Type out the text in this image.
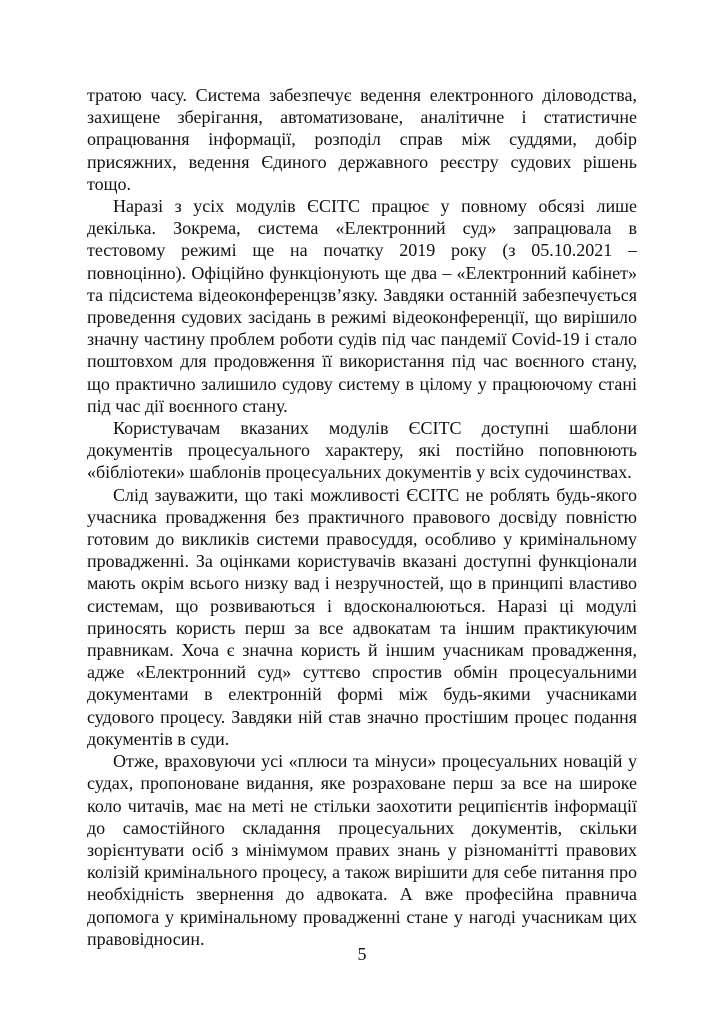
тратою часу. Система забезпечує ведення електронного діловодства, захищене зберігання, автоматизоване, аналітичне і статистичне опрацювання інформації, розподіл справ між суддями, добір присяжних, ведення Єдиного державного реєстру судових рішень тощо.

Наразі з усіх модулів ЄСІТС працює у повному обсязі лише декілька. Зокрема, система «Електронний суд» запрацювала в тестовому режимі ще на початку 2019 року (з 05.10.2021 – повноцінно). Офіційно функціонують ще два – «Електронний кабінет» та підсистема відеоконференцзв’язку. Завдяки останній забезпечується проведення судових засідань в режимі відеоконференції, що вирішило значну частину проблем роботи судів під час пандемії Covid-19 і стало поштовхом для продовження її використання під час воєнного стану, що практично залишило судову систему в цілому у працюючому стані під час дії воєнного стану.

Користувачам вказаних модулів ЄСІТС доступні шаблони документів процесуального характеру, які постійно поповнюють «бібліотеки» шаблонів процесуальних документів у всіх судочинствах.

Слід зауважити, що такі можливості ЄСІТС не роблять будь-якого учасника провадження без практичного правового досвіду повністю готовим до викликів системи правосуддя, особливо у кримінальному провадженні. За оцінками користувачів вказані доступні функціонали мають окрім всього низку вад і незручностей, що в принципі властиво системам, що розвиваються і вдосконалюються. Наразі ці модулі приносять користь перш за все адвокатам та іншим практикуючим правникам. Хоча є значна користь й іншим учасникам провадження, адже «Електронний суд» суттєво спростив обмін процесуальними документами в електронній формі між будь-якими учасниками судового процесу. Завдяки ній став значно простішим процес подання документів в суди.

Отже, враховуючи усі «плюси та мінуси» процесуальних новацій у судах, пропоноване видання, яке розраховане перш за все на широке коло читачів, має на меті не стільки заохотити реципієнтів інформації до самостійного складання процесуальних документів, скільки зорієнтувати осіб з мінімумом правих знань у різноманітті правових колізій кримінального процесу, а також вирішити для себе питання про необхідність звернення до адвоката. А вже професійна правнича допомога у кримінальному провадженні стане у нагоді учасникам цих правовідносин.

5
